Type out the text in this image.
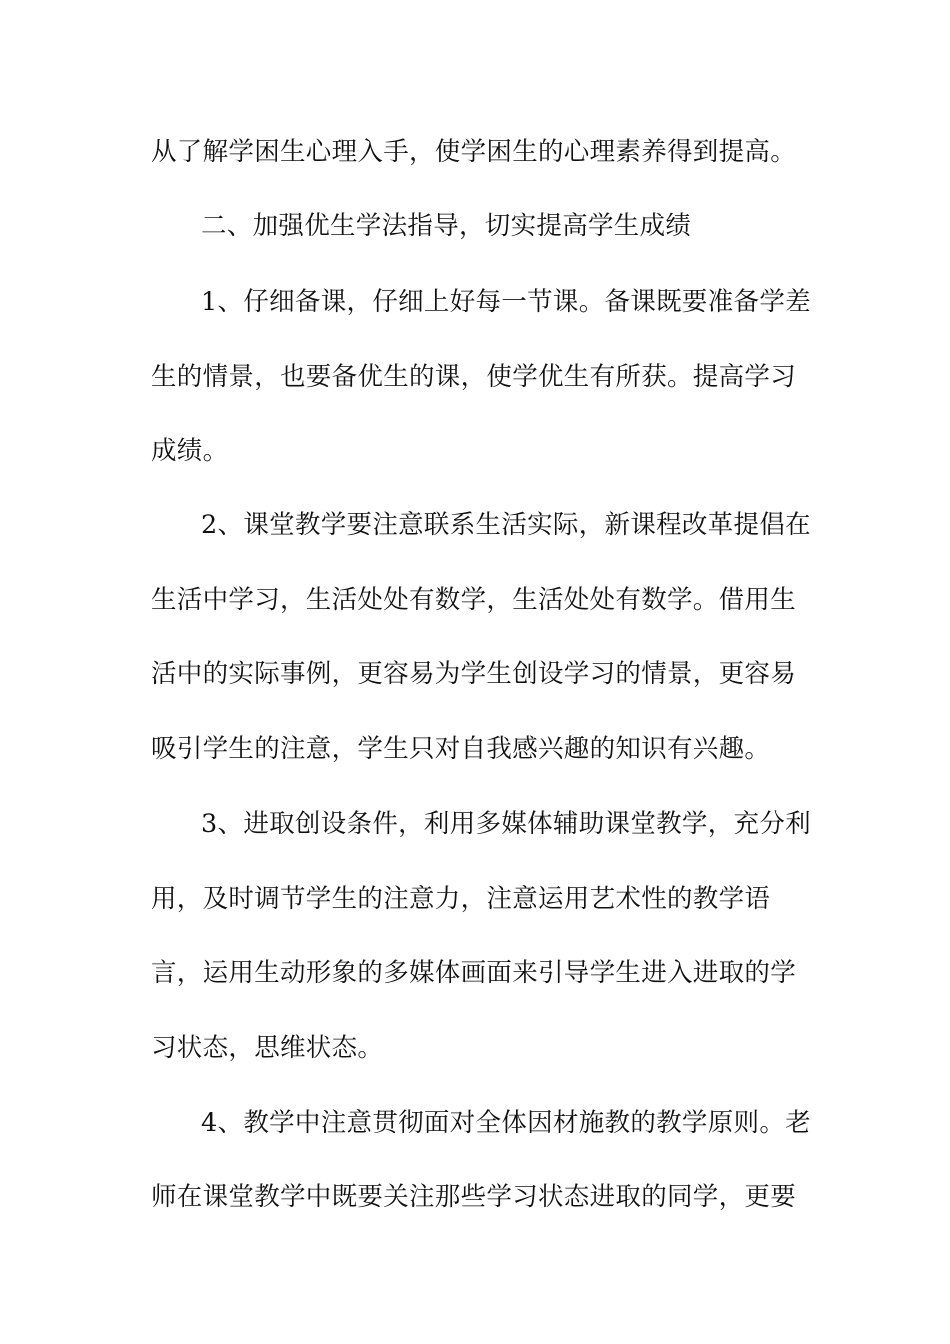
从了解学困生心理入手，使学困生的心理素养得到提高。
二、加强优生学法指导，切实提高学生成绩
1、仔细备课，仔细上好每一节课。备课既要准备学差
生的情景，也要备优生的课，使学优生有所获。提高学习
成绩。
2、课堂教学要注意联系生活实际，新课程改革提倡在
生活中学习，生活处处有数学，生活处处有数学。借用生
活中的实际事例，更容易为学生创设学习的情景，更容易
吸引学生的注意，学生只对自我感兴趣的知识有兴趣。
3、进取创设条件，利用多媒体辅助课堂教学，充分利
用，及时调节学生的注意力，注意运用艺术性的教学语
言，运用生动形象的多媒体画面来引导学生进入进取的学
习状态，思维状态。
4、教学中注意贯彻面对全体因材施教的教学原则。老
师在课堂教学中既要关注那些学习状态进取的同学，更要
